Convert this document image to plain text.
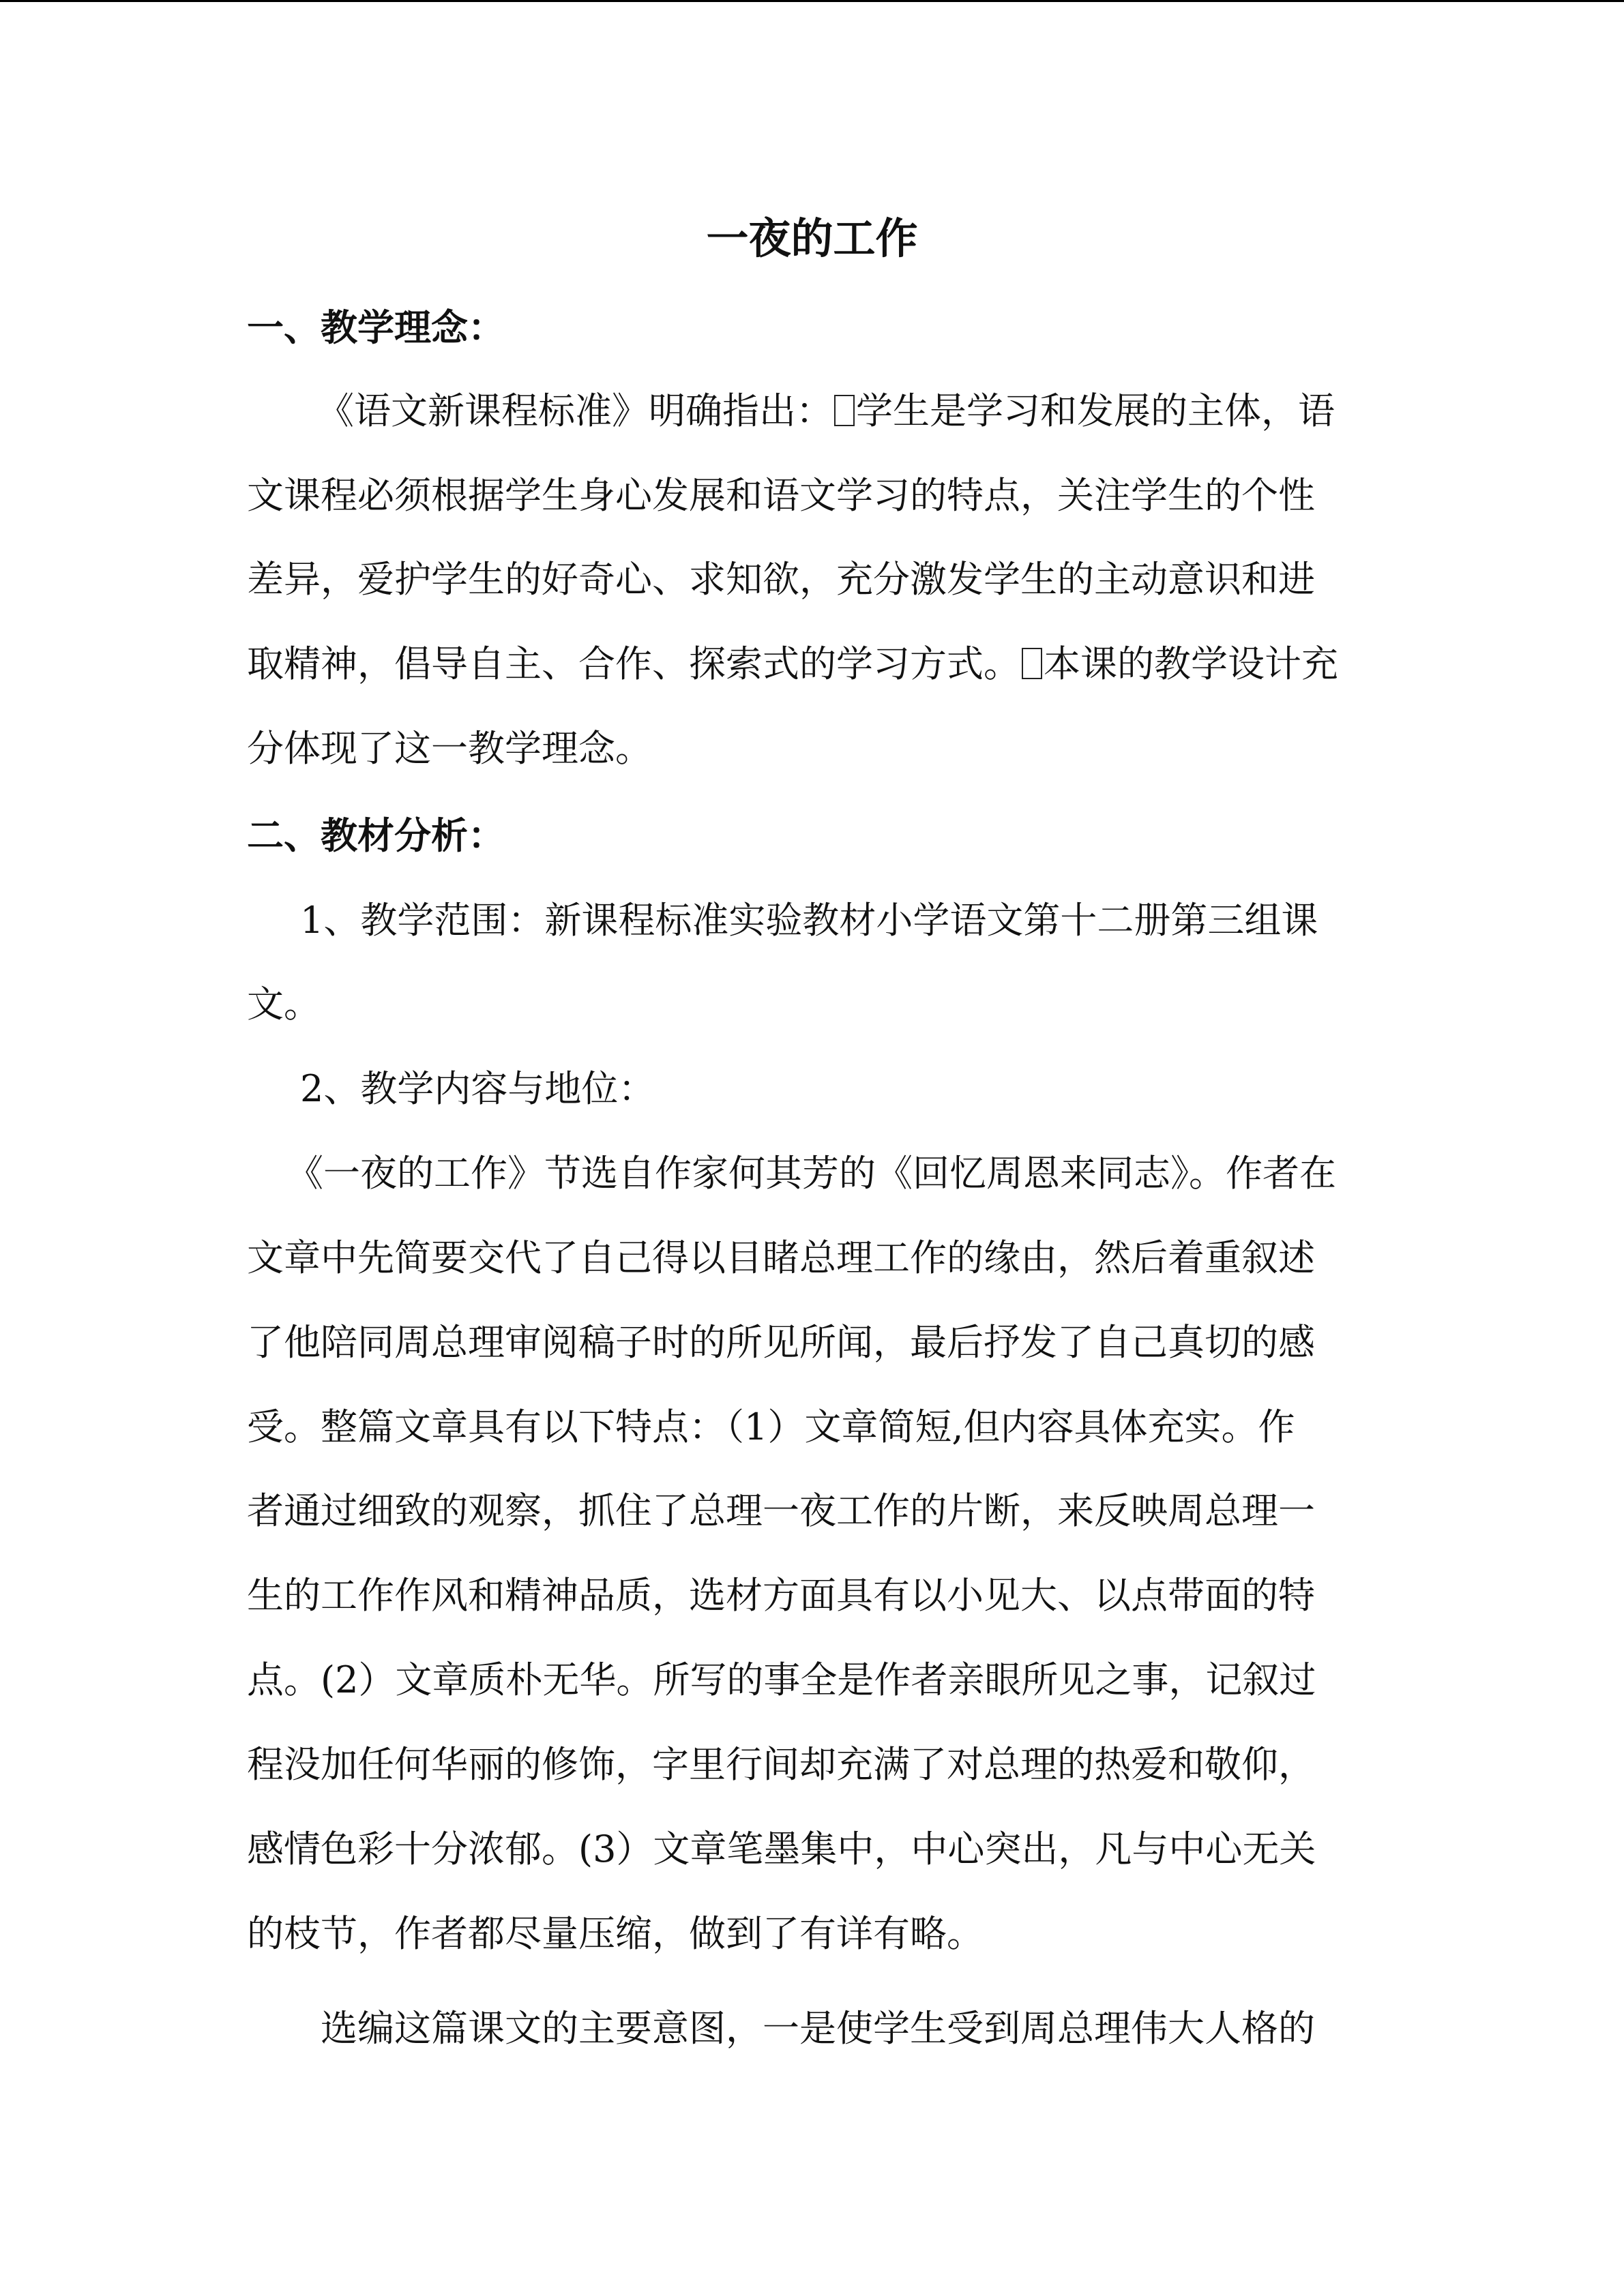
一夜的工作
一、教学理念：

《语文新课程标准》明确指出： 学生是学习和发展的主体，语

文课程必须根据学生身心发展和语文学习的特点，关注学生的个性

差异，爱护学生的好奇心、求知欲，充分激发学生的主动意识和进

取精神，倡导自主、合作、探索式的学习方式。 本课的教学设计充

分体现了这一教学理念。

二、教材分析：

1、教学范围：新课程标准实验教材小学语文第十二册第三组课

文。

2、教学内容与地位：

《一夜的工作》节选自作家何其芳的《回忆周恩来同志》。作者在

文章中先简要交代了自己得以目睹总理工作的缘由，然后着重叙述

了他陪同周总理审阅稿子时的所见所闻，最后抒发了自己真切的感

受。整篇文章具有以下特点：（1）文章简短,但内容具体充实。作

者通过细致的观察，抓住了总理一夜工作的片断，来反映周总理一

生的工作作风和精神品质，选材方面具有以小见大、以点带面的特

点。(2）文章质朴无华。所写的事全是作者亲眼所见之事，记叙过

程没加任何华丽的修饰，字里行间却充满了对总理的热爱和敬仰，

感情色彩十分浓郁。(3）文章笔墨集中，中心突出，凡与中心无关

的枝节，作者都尽量压缩，做到了有详有略。

选编这篇课文的主要意图，一是使学生受到周总理伟大人格的
